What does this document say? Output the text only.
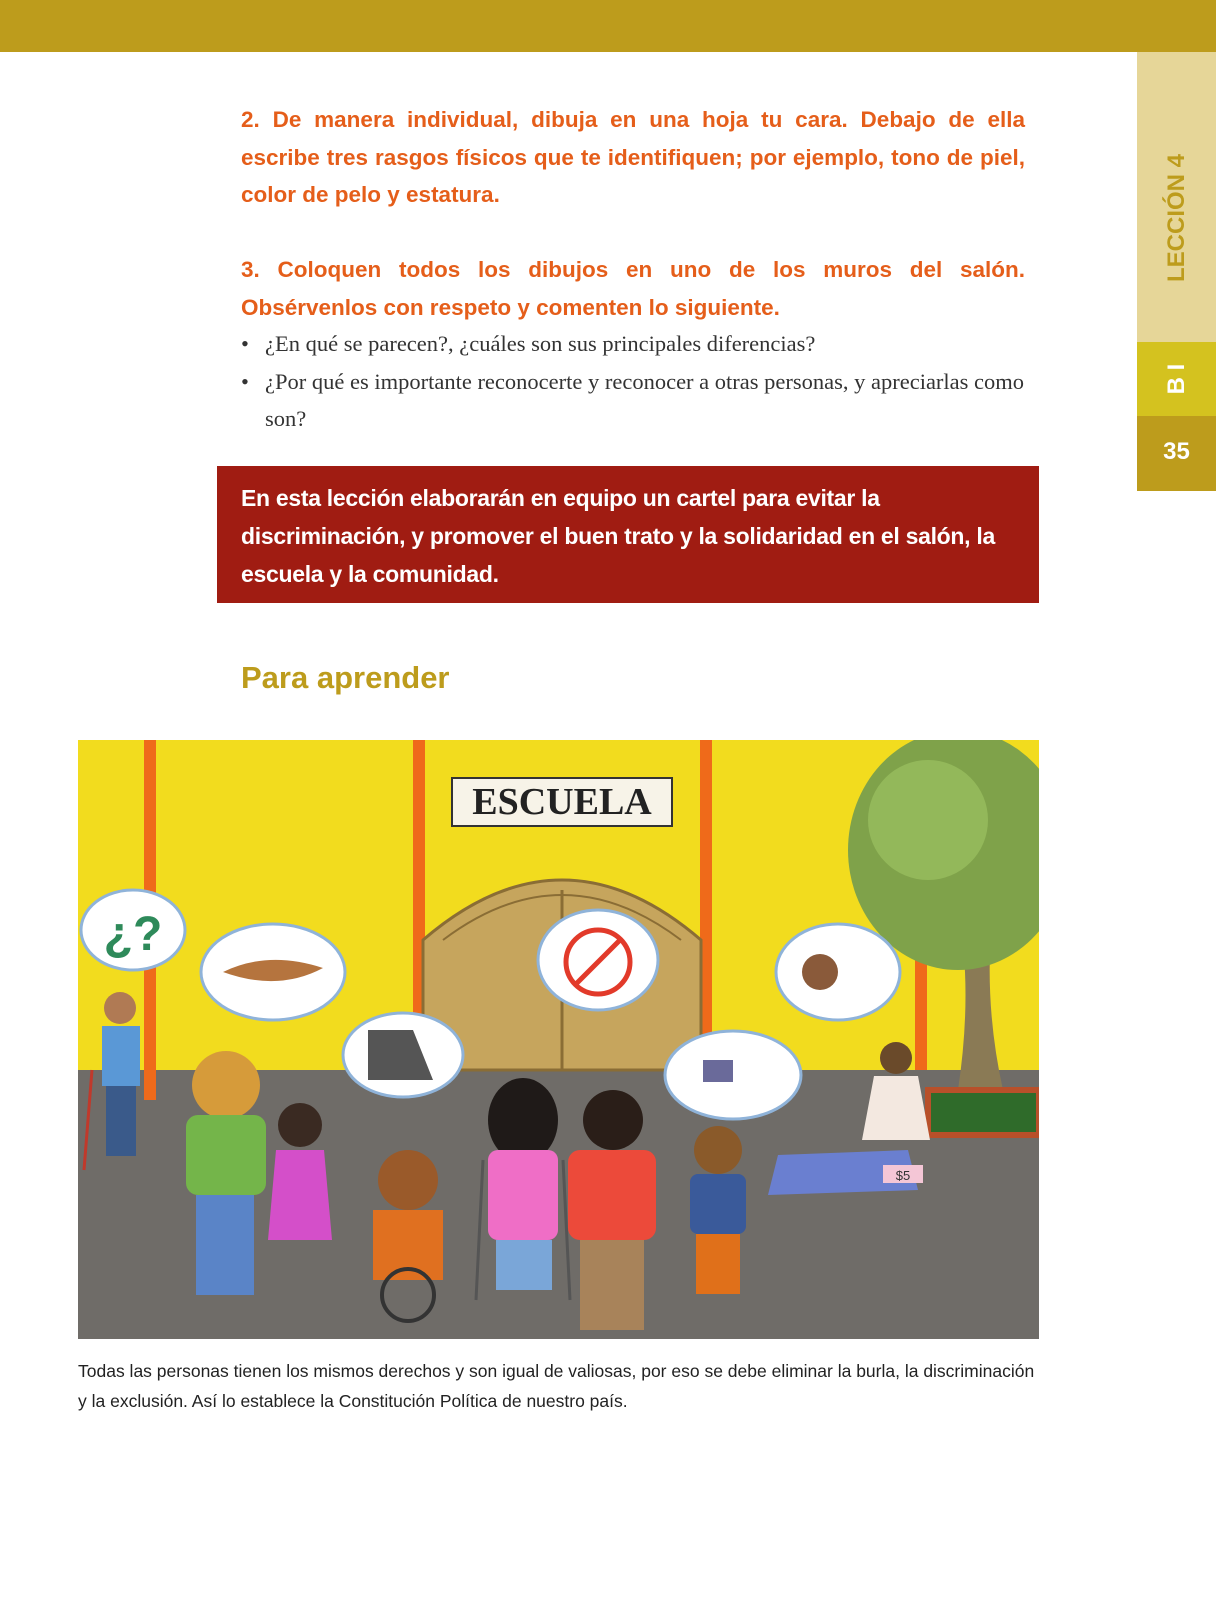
LECCIÓN 4
B I
35

2. De manera individual, dibuja en una hoja tu cara. Debajo de ella escribe tres rasgos físicos que te identifiquen; por ejemplo, tono de piel, color de pelo y estatura.

3. Coloquen todos los dibujos en uno de los muros del salón. Obsérvenlos con respeto y comenten lo siguiente.

• ¿En qué se parecen?, ¿cuáles son sus principales diferencias?
• ¿Por qué es importante reconocerte y reconocer a otras personas, y apreciarlas como son?
En esta lección elaborarán en equipo un cartel para evitar la discriminación, y promover el buen trato y la solidaridad en el salón, la escuela y la comunidad.
Para aprender
ESCUELA
¿?
$5
Todas las personas tienen los mismos derechos y son igual de valiosas, por eso se debe eliminar la burla, la discriminación y la exclusión. Así lo establece la Constitución Política de nuestro país.
